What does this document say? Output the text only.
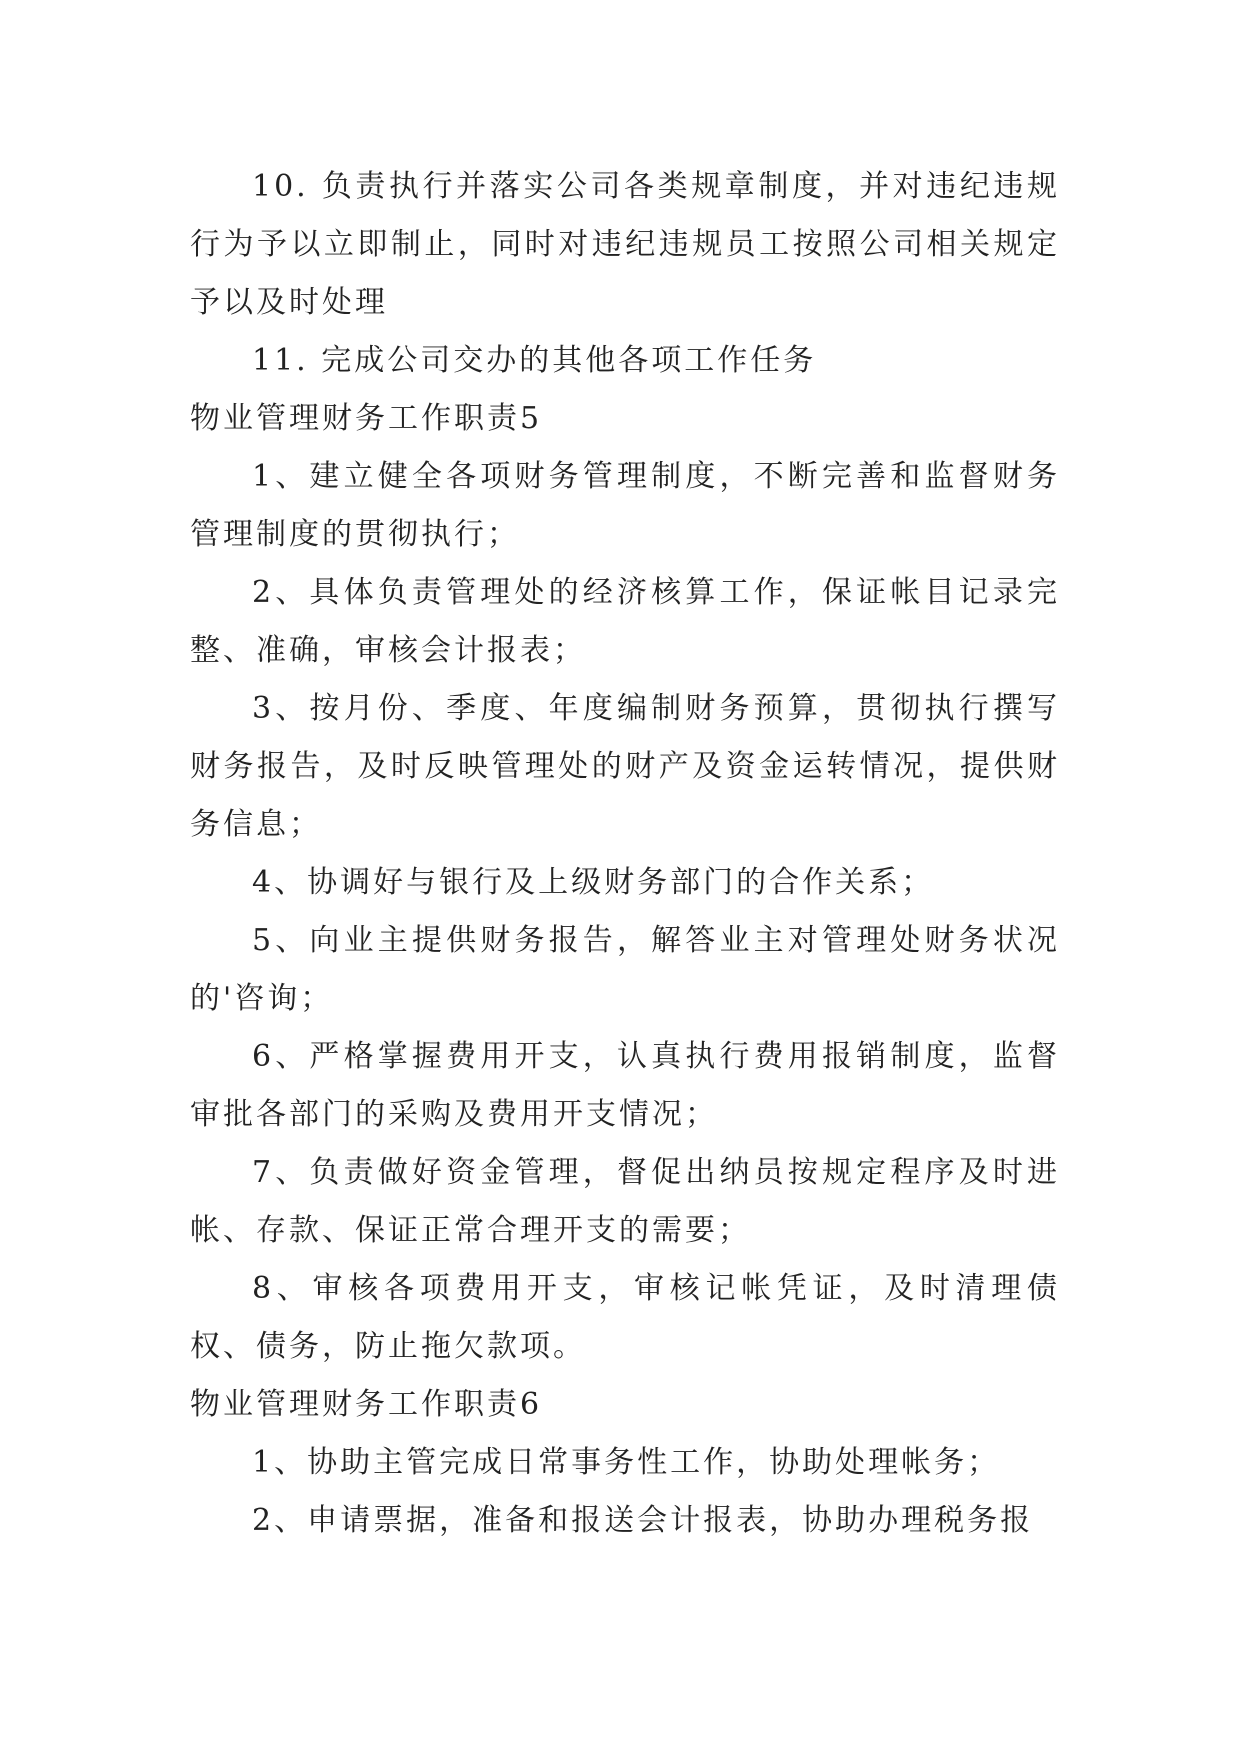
10. 负责执行并落实公司各类规章制度，并对违纪违规行为予以立即制止，同时对违纪违规员工按照公司相关规定予以及时处理

11. 完成公司交办的其他各项工作任务

物业管理财务工作职责5

1、建立健全各项财务管理制度，不断完善和监督财务管理制度的贯彻执行；

2、具体负责管理处的经济核算工作，保证帐目记录完整、准确，审核会计报表；

3、按月份、季度、年度编制财务预算，贯彻执行撰写财务报告，及时反映管理处的财产及资金运转情况，提供财务信息；

4、协调好与银行及上级财务部门的合作关系；

5、向业主提供财务报告，解答业主对管理处财务状况的'咨询；

6、严格掌握费用开支，认真执行费用报销制度，监督审批各部门的采购及费用开支情况；

7、负责做好资金管理，督促出纳员按规定程序及时进帐、存款、保证正常合理开支的需要；

8、审核各项费用开支，审核记帐凭证，及时清理债权、债务，防止拖欠款项。

物业管理财务工作职责6

1、协助主管完成日常事务性工作，协助处理帐务；

2、申请票据，准备和报送会计报表，协助办理税务报
